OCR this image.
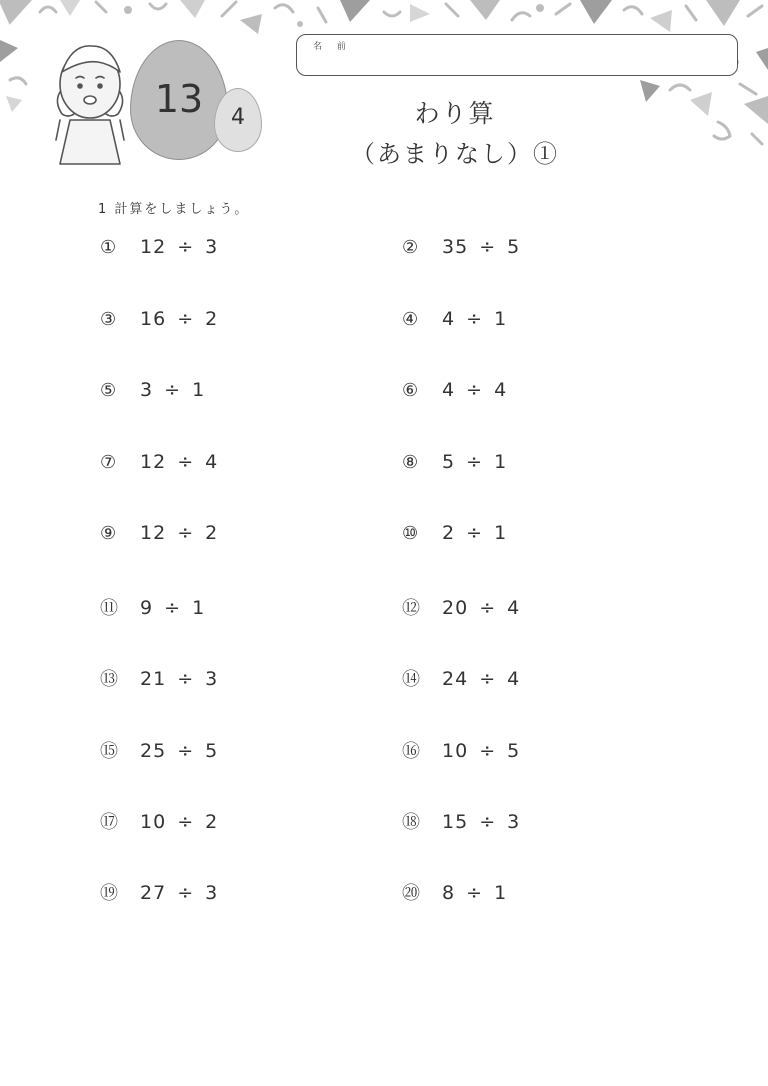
名 前
13	4	わり算
（あまりなし）①
1 計算をしましょう。
① 12 ÷ 3	② 35 ÷ 5
③ 16 ÷ 2	④ 4 ÷ 1
⑤ 3 ÷ 1	⑥ 4 ÷ 4
⑦ 12 ÷ 4	⑧ 5 ÷ 1
⑨ 12 ÷ 2	⑩ 2 ÷ 1
⑪ 9 ÷ 1	⑫ 20 ÷ 4
⑬ 21 ÷ 3	⑭ 24 ÷ 4
⑮ 25 ÷ 5	⑯ 10 ÷ 5
⑰ 10 ÷ 2	⑱ 15 ÷ 3
⑲ 27 ÷ 3	⑳ 8 ÷ 1
